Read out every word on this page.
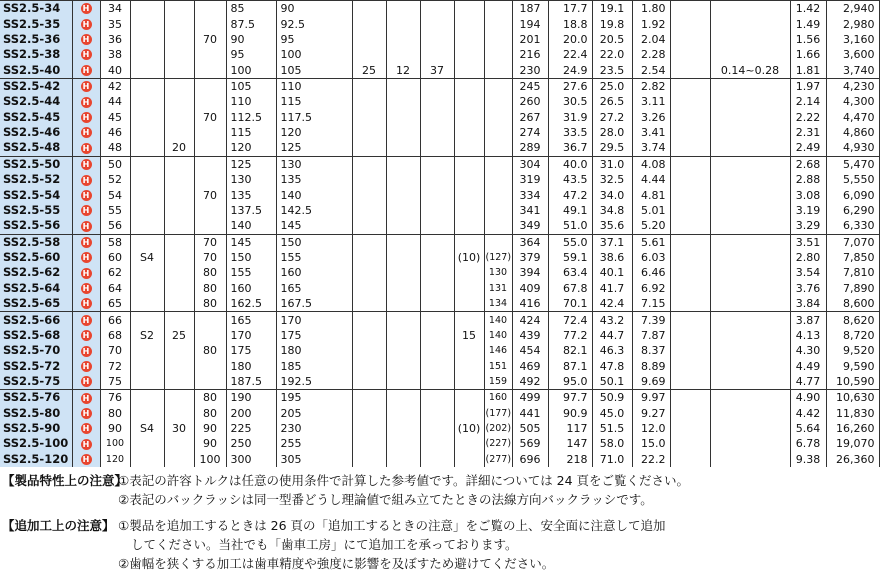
SS2.5-34	H	34				85	90						187	17.7	19.1	1.80			1.42	2,940
SS2.5-35	H	35				87.5	92.5						194	18.8	19.8	1.92			1.49	2,980
SS2.5-36	H	36			70	90	95						201	20.0	20.5	2.04			1.56	3,160
SS2.5-38	H	38				95	100						216	22.4	22.0	2.28			1.66	3,600
SS2.5-40	H	40				100	105	25	12	37			230	24.9	23.5	2.54		0.14~0.28	1.81	3,740
SS2.5-42	H	42				105	110						245	27.6	25.0	2.82			1.97	4,230
SS2.5-44	H	44				110	115						260	30.5	26.5	3.11			2.14	4,300
SS2.5-45	H	45			70	112.5	117.5						267	31.9	27.2	3.26			2.22	4,470
SS2.5-46	H	46				115	120						274	33.5	28.0	3.41			2.31	4,860
SS2.5-48	H	48		20		120	125						289	36.7	29.5	3.74			2.49	4,930
SS2.5-50	H	50				125	130						304	40.0	31.0	4.08			2.68	5,470
SS2.5-52	H	52				130	135						319	43.5	32.5	4.44			2.88	5,550
SS2.5-54	H	54			70	135	140						334	47.2	34.0	4.81			3.08	6,090
SS2.5-55	H	55				137.5	142.5						341	49.1	34.8	5.01			3.19	6,290
SS2.5-56	H	56				140	145						349	51.0	35.6	5.20			3.29	6,330
SS2.5-58	H	58			70	145	150						364	55.0	37.1	5.61			3.51	7,070
SS2.5-60	H	60	S4		70	150	155				(10)	(127)	379	59.1	38.6	6.03			2.80	7,850
SS2.5-62	H	62			80	155	160					130	394	63.4	40.1	6.46			3.54	7,810
SS2.5-64	H	64			80	160	165					131	409	67.8	41.7	6.92			3.76	7,890
SS2.5-65	H	65			80	162.5	167.5					134	416	70.1	42.4	7.15			3.84	8,600
SS2.5-66	H	66				165	170					140	424	72.4	43.2	7.39			3.87	8,620
SS2.5-68	H	68	S2	25		170	175				15	140	439	77.2	44.7	7.87			4.13	8,720
SS2.5-70	H	70			80	175	180					146	454	82.1	46.3	8.37			4.30	9,520
SS2.5-72	H	72				180	185					151	469	87.1	47.8	8.89			4.49	9,590
SS2.5-75	H	75				187.5	192.5					159	492	95.0	50.1	9.69			4.77	10,590
SS2.5-76	H	76			80	190	195					160	499	97.7	50.9	9.97			4.90	10,630
SS2.5-80	H	80			80	200	205					(177)	441	90.9	45.0	9.27			4.42	11,830
SS2.5-90	H	90	S4	30	90	225	230				(10)	(202)	505	117	51.5	12.0			5.64	16,260
SS2.5-100	H	100			90	250	255					(227)	569	147	58.0	15.0			6.78	19,070
SS2.5-120	H	120			100	300	305					(277)	696	218	71.0	22.2			9.38	26,360
【製品特性上の注意】
①表記の許容トルクは任意の使用条件で計算した参考値です。詳細については 24 頁をご覧ください。
②表記のバックラッシは同一型番どうし理論値で組み立てたときの法線方向バックラッシです。
【追加工上の注意】 ①製品を追加工するときは 26 頁の「追加工するときの注意」をご覧の上、安全面に注意して追加
してください。当社でも「歯車工房」にて追加工を承っております。
②歯幅を狭くする加工は歯車精度や強度に影響を及ぼすため避けてください。
